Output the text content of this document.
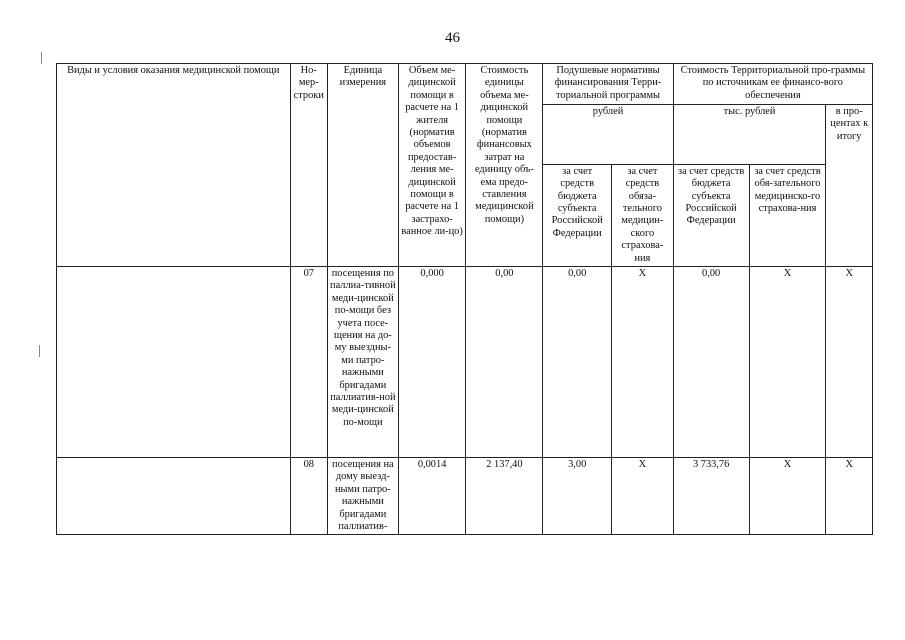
46
Виды и условия оказания медицинской помощи	Но-мер-строки	Единица измерения	Объем ме-дицинской помощи в расчете на 1 жителя (норматив объемов предостав-ления ме-дицинской помощи в расчете на 1 застрахо-ванное ли-цо)	Стоимость единицы объема ме-дицинской помощи (норматив финансовых затрат на единицу объ-ема предо-ставления медицинской помощи)	Подушевые нормативы финансирования Терри-ториальной программы		Стоимость Территориальной про-граммы по источникам ее финансо-вого обеспечения		
					рублей		тыс. рублей		в про-центах к итогу
					за счет средств бюджета субъекта Российской Федерации	за счет средств обяза-тельного медицин-ского страхова-ния	за счет средств бюджета субъекта Российской Федерации	за счет средств обя-зательного медицинско-го страхова-ния	
	07	посещения по паллиа-тивной меди-цинской по-мощи без учета посе-щения на до-му выездны-ми патро-нажными бригадами паллиатив-ной меди-цинской по-мощи	0,000	0,00	0,00	X	0,00	X	X
	08	посещения на дому выезд-ными патро-нажными бригадами паллиатив-	0,0014	2 137,40	3,00	X	3 733,76	X	X
